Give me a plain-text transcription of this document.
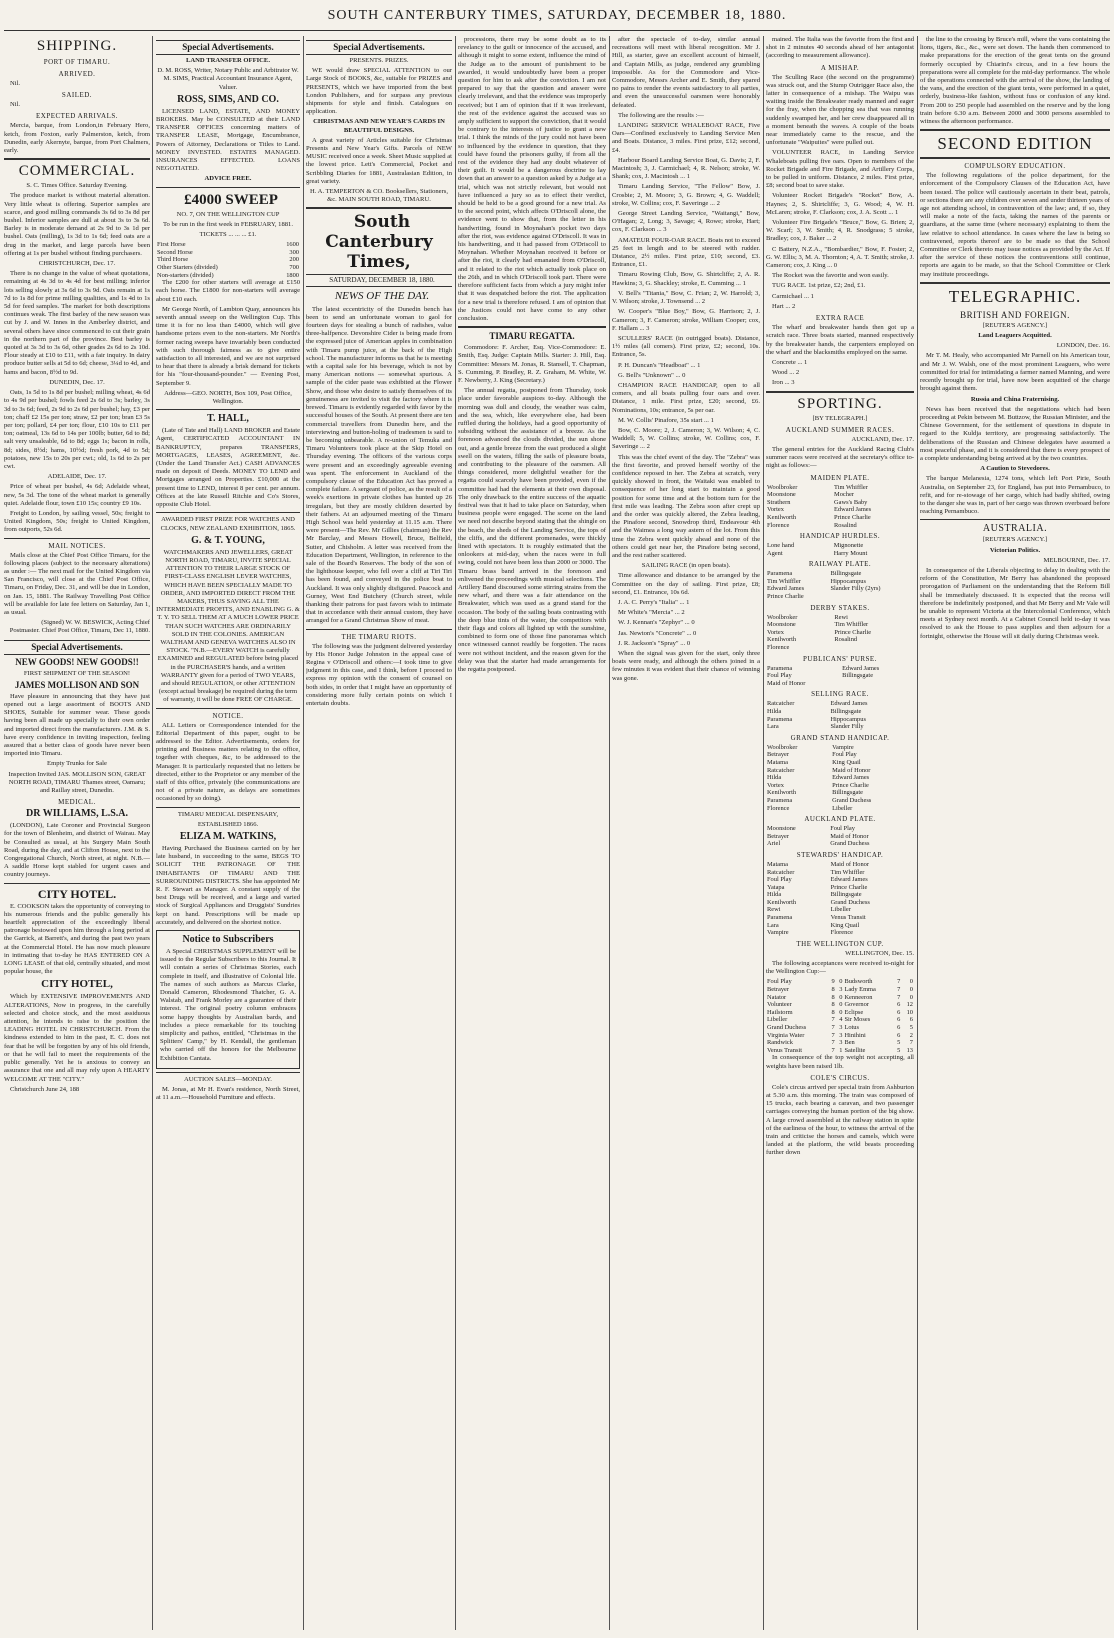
SOUTH CANTERBURY TIMES, SATURDAY, DECEMBER 18, 1880.
SHIPPING.
PORT OF TIMARU.
ARRIVED.

Nil.

SAILED.

Nil.

EXPECTED ARRIVALS.

Mercia, barque, from London,in February Hero, ketch, from Foxton, early Palmerston, ketch, from Dunedin, early Akernyte, barque, from Port Chalmers, early.

COMMERCIAL.

S. C. Times Office. Saturday Evening.

The produce market is without material alteration. Very little wheat is offering. Superior samples are scarce, and good milling commands 3s 6d to 3s 8d per bushel. Inferior samples are dull at about 3s to 3s 6d. Barley is in moderate demand at 2s 9d to 3s 1d per bushel. Oats (milling), 1s 3d to 1s 6d; feed oats are a drug in the market, and large parcels have been offering at 1s per bushel without finding purchasers.

CHRISTCHURCH, Dec. 17.

There is no change in the value of wheat quotations, remaining at 4s 3d to 4s 4d for best milling; inferior lots selling slowly at 3s 6d to 3s 9d. Oats remain at 1s 7d to 1s 8d for prime milling qualities, and 1s 4d to 1s 5d for feed samples. The market for both descriptions continues weak. The first barley of the new season was cut by J. and W. Innes in the Amberley district, and several others have since commenced to cut their grain in the northern part of the province. Best barley is quoted at 3s 3d to 3s 6d, other grades 2s 6d to 2s 10d. Flour steady at £10 to £11, with a fair inquiry. In dairy produce butter sells at 5d to 6d; cheese, 3¼d to 4d, and hams and bacon, 8½d to 9d.

DUNEDIN, Dec. 17.

Oats, 1s 5d to 1s 8d per bushel; milling wheat, 4s 6d to 4s 9d per bushel; fowls feed 2s 6d to 3s; barley, 3s 3d to 3s 6d; feed, 2s 9d to 2s 6d per bushel; hay, £3 per ton; chaff £2 15s per ton; straw, £2 per ton; bran £3 5s per ton; pollard, £4 per ton; flour, £10 10s to £11 per ton; oatmeal, 13s 6d to 14s per 100lb; butter, 6d to 8d; salt very unsaleable, 6d to 8d; eggs 1s; bacon in rolls, 8d; sides, 8½d; hams, 10½d; fresh pork, 4d to 5d; potatoes, new 15s to 20s per cwt.; old, 1s 6d to 2s per cwt.

ADELAIDE, Dec. 17.

Price of wheat per bushel, 4s 6d; Adelaide wheat, new, 5s 3d. The tone of the wheat market is generally quiet. Adelaide flour, town £10 15s; country £9 10s.

Freight to London, by sailing vessel, 50s; freight to United Kingdom, 50s; freight to United Kingdom, from outports, 52s 6d.

MAIL NOTICES.

Mails close at the Chief Post Office Timaru, for the following places (subject to the necessary alterations) as under :— The next mail for the United Kingdom via San Francisco, will close at the Chief Post Office, Timaru, on Friday, Dec. 31, and will be due in London, on Jan. 15, 1881. The Railway Travelling Post Office will be available for late fee letters on Saturday, Jan 1, as usual.

(Signed) W. W. BESWICK, Acting Chief Postmaster. Chief Post Office, Timaru, Dec 11, 1880.

Special Advertisements.

NEW GOODS! NEW GOODS!!

FIRST SHIPMENT OF THE SEASON!

JAMES MOLLISON AND SON

Have pleasure in announcing that they have just opened out a large assortment of BOOTS AND SHOES, Suitable for summer wear. These goods having been all made up specially to their own order and imported direct from the manufacturers. J.M. & S. have every confidence in inviting inspection, feeling assured that a better class of goods have never been imported into Timaru.

Empty Trunks for Sale

Inspection Invited JAS. MOLLISON SON, GREAT NORTH ROAD, TIMARU Thames street, Oamaru; and Raillay street, Dunedin.

MEDICAL.

DR WILLIAMS, L.S.A.

(LONDON), Late Coroner and Provincial Surgeon for the town of Blenheim, and district of Wairau. May be Consulted as usual, at his Surgery Main South Road, during the day, and at Clifton House, next to the Congregational Church, North street, at night. N.B.—A saddle Horse kept stabled for urgent cases and country journeys.

CITY HOTEL.

E. COOKSON takes the opportunity of conveying to his numerous friends and the public generally his heartfelt appreciation of the exceedingly liberal patronage bestowed upon him through a long period at the Garrick, at Barrett's, and during the past two years at the Commercial Hotel. He has now much pleasure in intimating that to-day he HAS ENTERED ON A LONG LEASE of that old, centrally situated, and most popular house, the

CITY HOTEL,

Which by EXTENSIVE IMPROVEMENTS AND ALTERATIONS, Now in progress, in the carefully selected and choice stock, and the most assiduous attention, he intends to raise to the position the LEADING HOTEL IN CHRISTCHURCH. From the kindness extended to him in the past, E. C. does not fear that he will be forgotten by any of his old friends, or that he will fail to meet the requirements of the public generally. Yet he is anxious to convey an assurance that one and all may rely upon A HEARTY WELCOME AT THE "CITY."

Christchurch June 24, 188

Special Advertisements.

LAND TRANSFER OFFICE.

D. M. ROSS, Writer, Notary Public and Arbitrator W. M. SIMS, Practical Accountant Insurance Agent, Valuer.

ROSS, SIMS, AND CO.

LICENSED LAND, ESTATE, AND MONEY BROKERS. May be CONSULTED at their LAND TRANSFER OFFICES concerning matters of TRANSFER LEASE, Mortgage, Encumbrance, Powers of Attorney, Declarations or Titles to Land. MONEY INVESTED. ESTATES MANAGED. INSURANCES EFFECTED. LOANS NEGOTIATED.

ADVICE FREE.

£4000 SWEEP

NO. 7, ON THE WELLINGTON CUP

To be run in the first week in FEBRUARY, 1881.

TICKETS ... ... ... £1.

First Horse	1600
Second Horse	300
Third Horse	200
Other Starters (divided)	700
Non-starters (divided)	1800

The £200 for other starters will average at £150 each horse. The £1800 for non-starters will average about £10 each.

Mr George North, of Lambton Quay, announces his seventh annual sweep on the Wellington Cup. This time it is for no less than £4000, which will give handsome prizes even to the non-starters. Mr North's former racing sweeps have invariably been conducted with such thorough fairness as to give entire satisfaction to all interested, and we are not surprised to hear that there is already a brisk demand for tickets for his "four-thousand-pounder." — Evening Post, September 9.

Address—GEO. NORTH, Box 109, Post Office, Wellington.

T. HALL,

(Late of Tate and Hall) LAND BROKER and Estate Agent, CERTIFICATED ACCOUNTANT IN BANKRUPTCY, prepares TRANSFERS, MORTGAGES, LEASES, AGREEMENT, &c. (Under the Land Transfer Act.) CASH ADVANCES made on deposit of Deeds. MONEY TO LEND and Mortgages arranged on Properties. £10,000 at the present time to LEND, interest 8 per cent. per annum. Offices at the late Russell Ritchie and Co's Stores, opposite Club Hotel.

AWARDED FIRST PRIZE FOR WATCHES AND CLOCKS, NEW ZEALAND EXHIBITION, 1865.

G. & T. YOUNG,

WATCHMAKERS AND JEWELLERS, GREAT NORTH ROAD, TIMARU, INVITE SPECIAL ATTENTION TO THEIR LARGE STOCK OF FIRST-CLASS ENGLISH LEVER WATCHES, WHICH HAVE BEEN SPECIALLY MADE TO ORDER, AND IMPORTED DIRECT FROM THE MAKERS, THUS SAVING ALL THE INTERMEDIATE PROFITS, AND ENABLING G. & T. Y. TO SELL THEM AT A MUCH LOWER PRICE THAN SUCH WATCHES ARE ORDINARILY SOLD IN THE COLONIES. AMERICAN WALTHAM AND GENEVA WATCHES ALSO IN STOCK. "N.B.—EVERY WATCH is carefully EXAMINED and REGULATED before being placed in the PURCHASER'S hands, and a written WARRANTY given for a period of TWO YEARS, and should REGULATION, or other ATTENTION (except actual breakage) be required during the term of warranty, it will be done FREE OF CHARGE.

NOTICE.

ALL Letters or Correspondence intended for the Editorial Department of this paper, ought to be addressed to the Editor. Advertisements, orders for printing and Business matters relating to the office, together with cheques, &c, to be addressed to the Manager. It is particularly requested that no letters be directed, either to the Proprietor or any member of the staff of this office, privately (the communications are not of a private nature, as delays are sometimes occasioned by so doing).

TIMARU MEDICAL DISPENSARY,

ESTABLISHED 1866.

ELIZA M. WATKINS,

Having Purchased the Business carried on by her late husband, in succeeding to the same, BEGS TO SOLICIT THE PATRONAGE OF THE INHABITANTS OF TIMARU AND THE SURROUNDING DISTRICTS. She has appointed Mr R. F. Stewart as Manager. A constant supply of the best Drugs will be received, and a large and varied stock of Surgical Appliances and Druggists' Sundries kept on hand. Prescriptions will be made up accurately, and delivered on the shortest notice.

Notice to Subscribers

A Special CHRISTMAS SUPPLEMENT will be issued to the Regular Subscribers to this Journal. It will contain a series of Christmas Stories, each complete in itself, and illustrative of Colonial life. The names of such authors as Marcus Clarke, Donald Cameron, Rhodesmond Thatcher, G. A. Walstab, and Frank Morley are a guarantee of their interest. The original poetry column embraces some happy thoughts by Australian bards, and includes a piece remarkable for its touching simplicity and pathos, entitled, "Christmas in the Splitters' Camp," by H. Kendall, the gentleman who carried off the honors for the Melbourne Exhibition Cantata.

AUCTION SALES—MONDAY.

M. Jonas, at Mr H. Evan's residence, North Street, at 11 a.m.—Household Furniture and effects.

Special Advertisements.

PRESENTS. PRIZES.

WE would draw SPECIAL ATTENTION to our Large Stock of BOOKS, &c, suitable for PRIZES and PRESENTS, which we have imported from the best London Publishers, and for surpass any previous shipments for style and finish. Catalogues on application.

CHRISTMAS AND NEW YEAR'S CARDS IN BEAUTIFUL DESIGNS.

A great variety of Articles suitable for Christmas Presents and New Year's Gifts. Parcels of NEW MUSIC received once a week. Sheet Music supplied at the lowest price. Lett's Commercial, Pocket and Scribbling Diaries for 1881, Australasian Edition, in great variety.

H. A. TEMPERTON & CO. Booksellers, Stationers, &c. MAIN SOUTH ROAD, TIMARU.

South Canterbury Times,

SATURDAY, DECEMBER 18, 1880.

NEWS OF THE DAY.

The latest eccentricity of the Dunedin bench has been to send an unfortunate woman to gaol for fourteen days for stealing a bunch of radishes, value three-halfpence. Devonshire Cider is being made from the expressed juice of American apples in combination with Timaru pump juice, at the back of the High school. The manufacturer informs us that he is meeting with a capital sale for his beverage, which is not by many American notions — somewhat spurious. A sample of the cider paste was exhibited at the Flower Show, and those who desire to satisfy themselves of its genuineness are invited to visit the factory where it is brewed. Timaru is evidently regarded with favor by the successful houses of the South. At present there are ten commercial travellers from Dunedin here, and the interviewing and button-holing of tradesmen is said to be becoming unbearable. A re-union of Temuka and Timaru Volunteers took place at the Skip Hotel on Thursday evening. The officers of the various corps were present and an exceedingly agreeable evening was spent. The enforcement in Auckland of the compulsory clause of the Education Act has proved a complete failure. A sergeant of police, as the result of a week's exertions in private clothes has hunted up 26 irregulars, but they are mostly children deserted by their fathers. At an adjourned meeting of the Timaru High School was held yesterday at 11.15 a.m. There were present—The Rev. Mr Gillies (chairman) the Rev Mr Barclay, and Messrs Howell, Bruce, Belfield, Sutter, and Chisholm. A letter was received from the Education Department, Wellington, in reference to the sale of the Board's Reserves. The body of the son of the lighthouse keeper, who fell over a cliff at Tiri Tiri has been found, and conveyed in the police boat to Auckland. It was only slightly disfigured. Peacock and Gurney, West End Butchery (Church street, while thanking their patrons for past favors wish to intimate that in accordance with their annual custom, they have arranged for a Grand Christmas Show of meat.

THE TIMARU RIOTS.

The following was the judgment delivered yesterday by His Honor Judge Johnston in the appeal case of Regina v O'Driscoll and others:—I took time to give judgment in this case, and I think, before I proceed to express my opinion with the consent of counsel on both sides, in order that I might have an opportunity of considering more fully certain points on which I entertain doubts.

processions, there may be some doubt as to its revelancy to the guilt or innocence of the accused, and although it might to some extent, influence the mind of the Judge as to the amount of punishment to be awarded, it would undoubtedly have been a proper question for him to ask after the conviction. I am not prepared to say that the question and answer were clearly irrelevant, and that the evidence was improperly received; but I am of opinion that if it was irrelevant, the rest of the evidence against the accused was so amply sufficient to support the conviction, that it would be contrary to the interests of justice to grant a new trial. I think the minds of the jury could not have been so influenced by the evidence in question, that they could have found the prisoners guilty, if from all the rest of the evidence they had any doubt whatever of their guilt. It would be a dangerous doctrine to lay down that an answer to a question asked by a Judge at a trial, which was not strictly relevant, but would not have influenced a jury so as to effect their verdict, should be held to be a good ground for a new trial. As to the second point, which affects O'Driscoll alone, the evidence went to show that, from the letter in his handwriting, found in Moynahan's pocket two days after the riot, was evidence against O'Driscoll. It was in his handwriting, and it had passed from O'Driscoll to Moynahan. Whether Moynahan received it before or after the riot, it clearly had emanated from O'Driscoll, and it related to the riot which actually took place on the 26th, and in which O'Driscoll took part. There were therefore sufficient facts from which a jury might infer that it was despatched before the riot. The application for a new trial is therefore refused. I am of opinion that the Justices could not have come to any other conclusion.

TIMARU REGATTA.

Commodore: F. Archer, Esq. Vice-Commodore: E. Smith, Esq. Judge: Captain Mills. Starter: J. Hill, Esq. Committee: Messrs M. Jonas, R. Stansell, T. Chapman, S. Cumming, P. Bradley, R. Z. Graham, M. White, W. F. Newberry, J. King (Secretary.)

The annual regatta, postponed from Thursday, took place under favorable auspices to-day. Although the morning was dull and cloudy, the weather was calm, and the sea, which, like everywhere else, had been ruffled during the holidays, had a good opportunity of subsiding without the assistance of a breeze. As the forenoon advanced the clouds divided, the sun shone out, and a gentle breeze from the east produced a slight swell on the waters, filling the sails of pleasure boats, and contributing to the pleasure of the oarsmen. All things considered, more delightful weather for the regatta could scarcely have been provided, even if the committee had had the elements at their own disposal. The only drawback to the entire success of the aquatic festival was that it had to take place on Saturday, when business people were engaged. The scene on the land we need not describe beyond stating that the shingle on the beach, the sheds of the Landing Service, the tops of the cliffs, and the different promenades, were thickly lined with spectators. It is roughly estimated that the onlookers at mid-day, when the races were in full swing, could not have been less than 2000 or 3000. The Timaru brass band arrived in the forenoon and enlivened the proceedings with musical selections. The Artillery Band discoursed some stirring strains from the new wharf, and there was a fair attendance on the Breakwater, which was used as a grand stand for the occasion. The body of the sailing boats contrasting with the deep blue tints of the water, the competitors with their flags and colors all lighted up with the sunshine, combined to form one of those fine panoramas which once witnessed cannot readily be forgotten. The races were not without incident, and the reason given for the delay was that the starter had made arrangements for the regatta postponed.

after the spectacle of to-day, similar annual recreations will meet with liberal recognition. Mr J. Hill, as starter, gave an excellent account of himself, and Captain Mills, as judge, rendered any grumbling impossible. As for the Commodore and Vice-Commodore, Messrs Archer and E. Smith, they spared no pains to render the events satisfactory to all parties, and even the unsuccessful oarsmen were honorably defeated.

The following are the results :—

LANDING SERVICE WHALEBOAT RACE, Five Oars—Confined exclusively to Landing Service Men and Boats. Distance, 3 miles. First prize, £12; second, £4.

Harbour Board Landing Service Boat, G. Davis; 2, F. Macintosh; 3, J. Carmichael; 4, R. Nelson; stroke, W. Shank; cox, J. Macintosh ... 1

Timaru Landing Service, "The Fellow" Bow, J. Crosbie; 2, M. Moore; 3, G. Brown; 4, G. Waddell; stroke, W. Collins; cox, F. Saveringe ... 2

George Street Landing Service, "Waitangi," Bow, O'Hagan; 2, Long; 3, Savage; 4, Rowe; stroke, Hart; cox, F. Clarkson ... 3

AMATEUR FOUR-OAR RACE. Boats not to exceed 25 feet in length and to be steered with rudder. Distance, 2½ miles. First prize, £10; second, £3. Entrance, £1.

Timaru Rowing Club, Bow, G. Shirtcliffe; 2, A. R. Hawkins; 3, G. Shackley; stroke, E. Cumming ... 1

V. Bell's "Titania," Bow, C. Frian; 2, W. Harrold; 3, V. Wilson; stroke, J. Townsend ... 2

W. Cooper's "Blue Boy," Bow, G. Harrison; 2, J. Cameron; 3, F. Cameron; stroke, William Cooper; cox, F. Hallam ... 3

SCULLERS' RACE (in outrigged boats). Distance, 1½ miles (all comers). First prize, £2; second, 10s. Entrance, 5s.

P. H. Duncan's "Headboat" ... 1

G. Bell's "Unknown" ... 0

CHAMPION RACE HANDICAP, open to all comers, and all boats pulling four oars and over. Distance, 1 mile. First prize, £20; second, £6. Nominations, 10s; entrance, 5s per oar.

M. W. Collis' Pinafore, 35s start ... 1

Bow, C. Moore; 2, J. Cameron; 3, W. Wilson; 4, C. Waddell; 5, W. Collins; stroke, W. Collins; cox, F. Saveringe ... 2

This was the chief event of the day. The "Zebra" was the first favorite, and proved herself worthy of the confidence reposed in her. The Zebra at scratch, very quickly showed in front, the Waitaki was enabled to consequence of her long start to maintain a good position for some time and at the bottom turn for the first mile was leading. The Zebra soon after crept up and the order was quickly altered, the Zebra leading, the Pinafore second, Snowdrop third, Endeavour 4th and the Waimea a long way astern of the lot. From this time the Zebra went quickly ahead and none of the others could get near her, the Pinafore being second, and the rest rather scattered.

SAILING RACE (in open boats).

Time allowance and distance to be arranged by the Committee on the day of sailing. First prize, £8; second, £1. Entrance, 10s 6d.

J. A. C. Perry's "Italia" ... 1

Mr White's "Mercia" ... 2

W. J. Kennan's "Zephyr" ... 0

Jas. Newton's "Concrete" ... 0

J. R. Jackson's "Spray" ... 0

When the signal was given for the start, only three boats were ready, and although the others joined in a few minutes it was evident that their chance of winning was gone.

mained. The Italia was the favorite from the first and shot in 2 minutes 40 seconds ahead of her antagonist (according to measurement allowance).

A MISHAP.

The Sculling Race (the second on the programme) was struck out, and the Stump Outrigger Race also, the latter in consequence of a mishap. The Waipu was waiting inside the Breakwater ready manned and eager for the fray, when the chopping sea that was running suddenly swamped her, and her crew disappeared all in a moment beneath the waves. A couple of the boats near immediately came to the rescue, and the unfortunate "Waipuites" were pulled out.

VOLUNTEER RACE, in Landing Service Whaleboats pulling five oars. Open to members of the Rocket Brigade and Fire Brigade, and Artillery Corps, to be pulled in uniform. Distance, 2 miles. First prize, £8; second boat to save stake.

Volunteer Rocket Brigade's "Rocket" Bow, A. Haynes; 2, S. Shirtcliffe; 3, G. Wood; 4, W. H. McLaren; stroke, F. Clarkson; cox, J. A. Scott ... 1

Volunteer Fire Brigade's "Bruce," Bow, G. Brien; 2, W. Scarf; 3, W. Smith; 4, R. Snodgrass; 5 stroke, Bradley; cox, J. Baker ... 2

C Battery, N.Z.A., "Bombardier," Bow, F. Foster; 2, G. W. Ellis; 3, M. A. Thornton; 4, A. T. Smith; stroke, J. Cameron; cox, J. King ... 0

The Rocket was the favorite and won easily.

TUG RACE. 1st prize, £2; 2nd, £1.

Carmichael ... 1

Hart ... 2

EXTRA RACE

The wharf and breakwater hands then got up a scratch race. Three boats started, manned respectively by the breakwater hands, the carpenters employed on the wharf and the blacksmiths employed on the same.

Concrete ... 1

Wood ... 2

Iron ... 3

SPORTING.

[BY TELEGRAPH.]

AUCKLAND SUMMER RACES.

AUCKLAND, Dec. 17.

The general entries for the Auckland Racing Club's summer races were received at the secretary's office to-night as follows:—

MAIDEN PLATE.
Woolbroker	Tim Whiffler
Moonstone	Mocher
Strathern	Gaws's Baby
Vortex	Edward James
Kenilworth	Prince Charlie
Florence	Rosalind
HANDICAP HURDLES.
Lone hand	Mignonette
Agent	Harry Mount
RAILWAY PLATE.
Paramena	Billingsgate
Tim Whiffler	Hippocampus
Edward James	Slander Filly (2yrs)
Prince Charlie	
DERBY STAKES.
Woolbroker	Rewi
Moonstone	Tim Whiffler
Vortex	Prince Charlie
Kenilworth	Rosalind
Florence	
PUBLICANS' PURSE.
Paramena	Edward James
Foul Play	Billingsgate
Maid of Honor	
SELLING RACE.
Ratcatcher	Edward James
Hilda	Billingsgate
Paramena	Hippocampus
Lara	Slander Filly
GRAND STAND HANDICAP.
Woolbroker	Vampire
Betrayer	Foul Play
Matama	King Quail
Ratcatcher	Maid of Honor
Hilda	Edward James
Vortex	Prince Charlie
Kenilworth	Billingsgate
Paramena	Grand Duchess
Florence	Libeller
AUCKLAND PLATE.
Moonstone	Foul Play
Betrayer	Maid of Honor
Ariel	Grand Duchess
STEWARDS' HANDICAP.
Matama	Maid of Honor
Ratcatcher	Tim Whiffler
Foul Play	Edward James
Yatapa	Prince Charlie
Hilda	Billingsgate
Kenilworth	Grand Duchess
Rewi	Libeller
Paramena	Venus Transit
Lara	King Quail
Vampire	Florence
THE WELLINGTON CUP.

WELLINGTON, Dec. 15.

The following acceptances were received to-night for the Wellington Cup:—

Foul Play	9	0	Budsworth	7	0
Betrayer	8	3	Lady Emma	7	0
Natator	8	0	Kenneeron	7	0
Volunteer	8	0	Governor	6	12
Hailstorm	8	0	Eclipse	6	10
Libeller	7	4	Sir Moses	6	6
Grand Duchess	7	3	Lotus	6	5
Virginia Water	7	3	Hinihini	6	2
Randwick	7	3	Ben	5	7
Venus Transit	7	1	Satellite	5	13

In consequence of the top weight not accepting, all weights have been raised 1lb.

COLE'S CIRCUS.

Cole's circus arrived per special train from Ashburton at 5.30 a.m. this morning. The train was composed of 15 trucks, each bearing a caravan, and two passenger carriages conveying the human portion of the big show. A large crowd assembled at the railway station in spite of the earliness of the hour, to witness the arrival of the train and criticise the horses and camels, which were landed at the platform, the wild beasts proceeding further down

the line to the crossing by Bruce's mill, where the vans containing the lions, tigers, &c., &c., were set down. The hands then commenced to make preparations for the erection of the great tents on the ground formerly occupied by Chiarini's circus, and in a few hours the preparations were all complete for the mid-day performance. The whole of the operations connected with the arrival of the show, the landing of the vans, and the erection of the giant tents, were performed in a quiet, orderly, business-like fashion, without fuss or confusion of any kind. From 200 to 250 people had assembled on the reserve and by the long train before 6.30 a.m. Between 2000 and 3000 persons assembled to witness the afternoon performance.

SECOND EDITION
COMPULSORY EDUCATION.

The following regulations of the police department, for the enforcement of the Compulsory Clauses of the Education Act, have been issued. The police will cautiously ascertain in their beat, patrols, or sections there are any children over seven and under thirteen years of age not attending school, in contravention of the law; and, if so, they will make a note of the facts, taking the names of the parents or guardians, at the same time (where necessary) explaining to them the law relative to school attendance. In cases where the law is being so contravened, reports thereof are to be made so that the School Committee or Clerk thereto may issue notices as provided by the Act. If after the service of these notices the contraventions still continue, reports are again to be made, so that the School Committee or Clerk may institute proceedings.

TELEGRAPHIC.
BRITISH AND FOREIGN.

[REUTER'S AGENCY.]

Land Leaguers Acquitted.

LONDON, Dec. 16.

Mr T. M. Healy, who accompanied Mr Parnell on his American tour, and Mr J. W. Walsh, one of the most prominent Leaguers, who were committed for trial for intimidating a farmer named Manning, and were recently brought up for trial, have now been acquitted of the charge brought against them.

Russia and China Fraternising.

News has been received that the negotiations which had been proceeding at Pekin between M. Buttzow, the Russian Minister, and the Chinese Government, for the settlement of questions in dispute in regard to the Kuldja territory, are progressing satisfactorily. The deliberations of the Russian and Chinese delegates have assumed a most peaceful phase, and it is considered that there is every prospect of a complete understanding being arrived at by the two countries.

A Caution to Stevedores.

The barque Melanesia, 1274 tons, which left Port Pirie, South Australia, on September 23, for England, has put into Pernambuco, to refit, and for re-stowage of her cargo, which had badly shifted, owing to the danger she was in, part of her cargo was thrown overboard before reaching Pernambuco.

AUSTRALIA.

[REUTER'S AGENCY.]

Victorian Politics.

MELBOURNE, Dec. 17.

In consequence of the Liberals objecting to delay in dealing with the reform of the Constitution, Mr Berry has abandoned the proposed prorogation of Parliament on the understanding that the Reform Bill shall be immediately discussed. It is expected that the recess will therefore be indefinitely postponed, and that Mr Berry and Mr Vale will be unable to represent Victoria at the Intercolonial Conference, which meets at Sydney next month. At a Cabinet Council held to-day it was resolved to ask the House to pass supplies and then adjourn for a fortnight, otherwise the House will sit daily during Christmas week.
